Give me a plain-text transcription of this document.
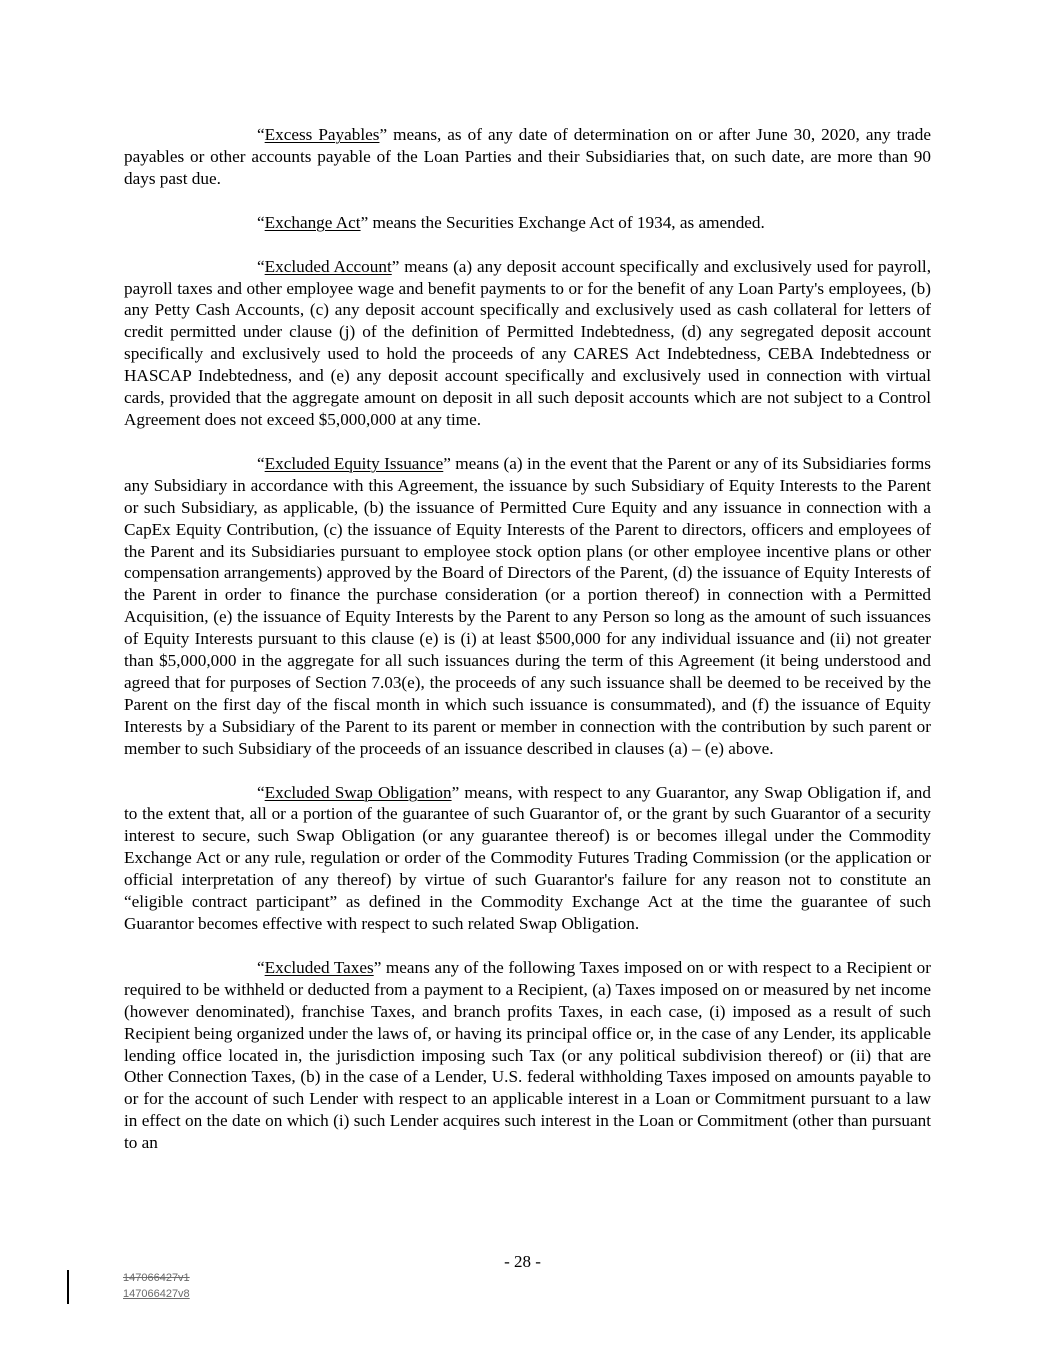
“Excess Payables” means, as of any date of determination on or after June 30, 2020, any trade payables or other accounts payable of the Loan Parties and their Subsidiaries that, on such date, are more than 90 days past due.

“Exchange Act” means the Securities Exchange Act of 1934, as amended.

“Excluded Account” means (a) any deposit account specifically and exclusively used for payroll, payroll taxes and other employee wage and benefit payments to or for the benefit of any Loan Party's employees, (b) any Petty Cash Accounts, (c) any deposit account specifically and exclusively used as cash collateral for letters of credit permitted under clause (j) of the definition of Permitted Indebtedness, (d) any segregated deposit account specifically and exclusively used to hold the proceeds of any CARES Act Indebtedness, CEBA Indebtedness or HASCAP Indebtedness, and (e) any deposit account specifically and exclusively used in connection with virtual cards, provided that the aggregate amount on deposit in all such deposit accounts which are not subject to a Control Agreement does not exceed $5,000,000 at any time.

“Excluded Equity Issuance” means (a) in the event that the Parent or any of its Subsidiaries forms any Subsidiary in accordance with this Agreement, the issuance by such Subsidiary of Equity Interests to the Parent or such Subsidiary, as applicable, (b) the issuance of Permitted Cure Equity and any issuance in connection with a CapEx Equity Contribution, (c) the issuance of Equity Interests of the Parent to directors, officers and employees of the Parent and its Subsidiaries pursuant to employee stock option plans (or other employee incentive plans or other compensation arrangements) approved by the Board of Directors of the Parent, (d) the issuance of Equity Interests of the Parent in order to finance the purchase consideration (or a portion thereof) in connection with a Permitted Acquisition, (e) the issuance of Equity Interests by the Parent to any Person so long as the amount of such issuances of Equity Interests pursuant to this clause (e) is (i) at least $500,000 for any individual issuance and (ii) not greater than $5,000,000 in the aggregate for all such issuances during the term of this Agreement (it being understood and agreed that for purposes of Section 7.03(e), the proceeds of any such issuance shall be deemed to be received by the Parent on the first day of the fiscal month in which such issuance is consummated), and (f) the issuance of Equity Interests by a Subsidiary of the Parent to its parent or member in connection with the contribution by such parent or member to such Subsidiary of the proceeds of an issuance described in clauses (a) – (e) above.

“Excluded Swap Obligation” means, with respect to any Guarantor, any Swap Obligation if, and to the extent that, all or a portion of the guarantee of such Guarantor of, or the grant by such Guarantor of a security interest to secure, such Swap Obligation (or any guarantee thereof) is or becomes illegal under the Commodity Exchange Act or any rule, regulation or order of the Commodity Futures Trading Commission (or the application or official interpretation of any thereof) by virtue of such Guarantor's failure for any reason not to constitute an “eligible contract participant” as defined in the Commodity Exchange Act at the time the guarantee of such Guarantor becomes effective with respect to such related Swap Obligation.

“Excluded Taxes” means any of the following Taxes imposed on or with respect to a Recipient or required to be withheld or deducted from a payment to a Recipient, (a) Taxes imposed on or measured by net income (however denominated), franchise Taxes, and branch profits Taxes, in each case, (i) imposed as a result of such Recipient being organized under the laws of, or having its principal office or, in the case of any Lender, its applicable lending office located in, the jurisdiction imposing such Tax (or any political subdivision thereof) or (ii) that are Other Connection Taxes, (b) in the case of a Lender, U.S. federal withholding Taxes imposed on amounts payable to or for the account of such Lender with respect to an applicable interest in a Loan or Commitment pursuant to a law in effect on the date on which (i) such Lender acquires such interest in the Loan or Commitment (other than pursuant to an

- 28 -
147066427v1
147066427v8
